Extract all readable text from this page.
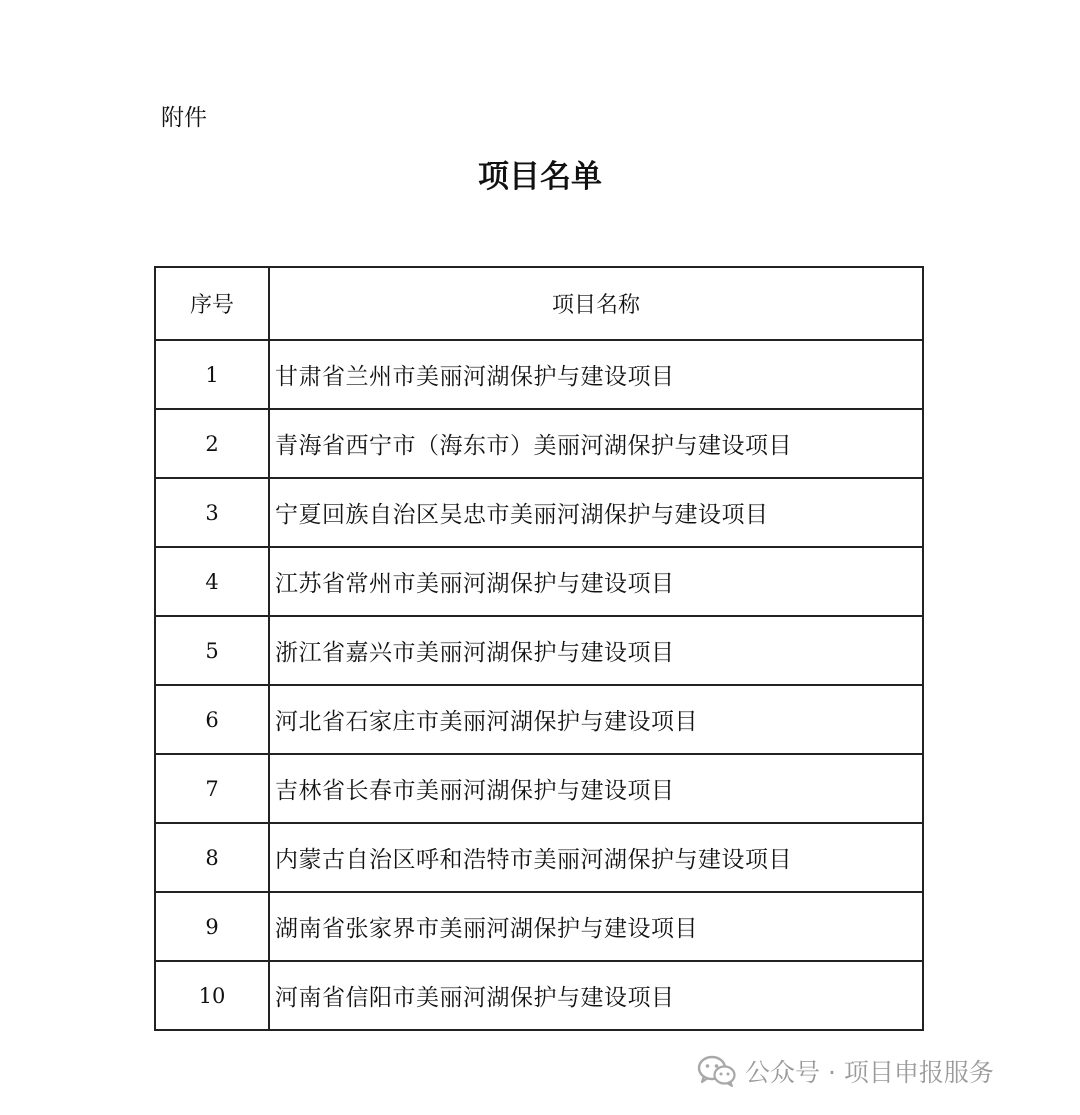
附件
项目名单
序号	项目名称
1	甘肃省兰州市美丽河湖保护与建设项目
2	青海省西宁市（海东市）美丽河湖保护与建设项目
3	宁夏回族自治区吴忠市美丽河湖保护与建设项目
4	江苏省常州市美丽河湖保护与建设项目
5	浙江省嘉兴市美丽河湖保护与建设项目
6	河北省石家庄市美丽河湖保护与建设项目
7	吉林省长春市美丽河湖保护与建设项目
8	内蒙古自治区呼和浩特市美丽河湖保护与建设项目
9	湖南省张家界市美丽河湖保护与建设项目
10	河南省信阳市美丽河湖保护与建设项目
公众号 · 项目申报服务
